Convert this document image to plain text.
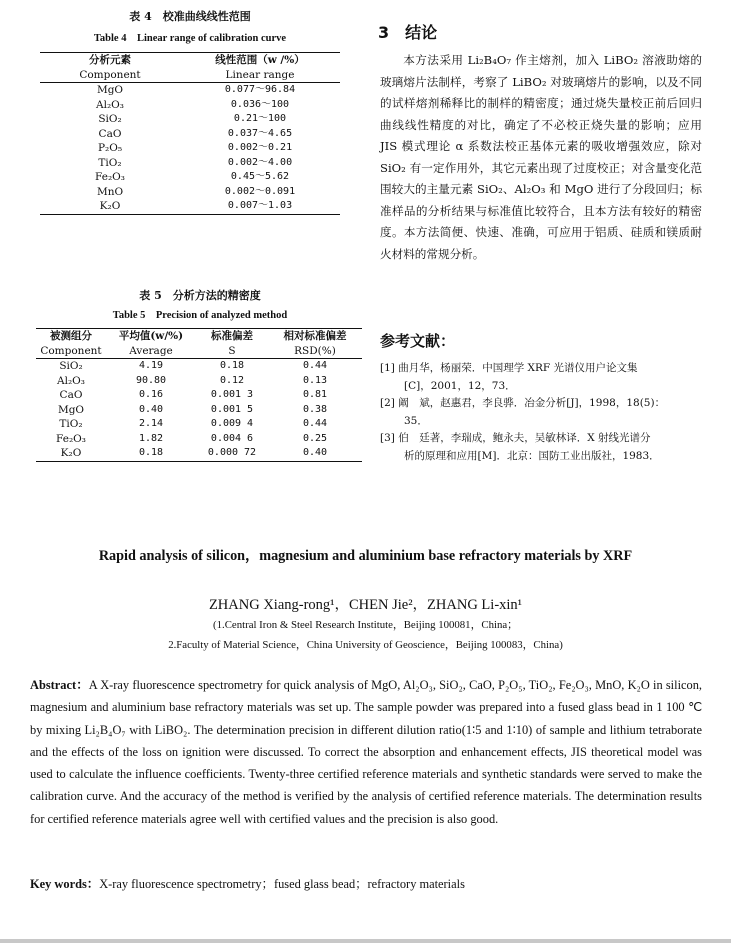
表 4　校准曲线线性范围
Table 4　Linear range of calibration curve
分析元素	线性范围（w /%）
Component	Linear range
MgO	0.077～96.84
Al₂O₃	0.036～100
SiO₂	0.21～100
CaO	0.037～4.65
P₂O₅	0.002～0.21
TiO₂	0.002～4.00
Fe₂O₃	0.45～5.62
MnO	0.002～0.091
K₂O	0.007～1.03
表 5　分析方法的精密度
Table 5　Precision of analyzed method
被测组分	平均值(w/%)	标准偏差	相对标准偏差
Component	Average	S	RSD(%)
SiO₂	4.19	0.18	0.44
Al₂O₃	90.80	0.12	0.13
CaO	0.16	0.001 3	0.81
MgO	0.40	0.001 5	0.38
TiO₂	2.14	0.009 4	0.44
Fe₂O₃	1.82	0.004 6	0.25
K₂O	0.18	0.000 72	0.40
3　结论

本方法采用 Li₂B₄O₇ 作主熔剂，加入 LiBO₂ 溶液助熔的玻璃熔片法制样，考察了 LiBO₂ 对玻璃熔片的影响，以及不同的试样熔剂稀释比的制样的精密度；通过烧失量校正前后回归曲线线性精度的对比，确定了不必校正烧失量的影响；应用 JIS 模式理论 α 系数法校正基体元素的吸收增强效应，除对 SiO₂ 有一定作用外，其它元素出现了过度校正；对含量变化范围较大的主量元素 SiO₂、Al₂O₃ 和 MgO 进行了分段回归；标准样品的分析结果与标准值比较符合，且本方法有较好的精密度。本方法简便、快速、准确，可应用于铝质、硅质和镁质耐火材料的常规分析。

参考文献：
[1] 曲月华，杨丽荣．中国理学 XRF 光谱仪用户论文集
[C]，2001，12，73．
[2] 阚　斌，赵惠君，李良骅．冶金分析[J]，1998，18(5)：
35．
[3] 伯　廷著，李瑞成，鲍永夫，吴敏林译．X 射线光谱分
析的原理和应用[M]．北京：国防工业出版社，1983．
Rapid analysis of silicon，magnesium and aluminium base refractory materials by XRF
ZHANG Xiang-rong¹，CHEN Jie²，ZHANG Li-xin¹
(1.Central Iron & Steel Research Institute，Beijing 100081，China；
2.Faculty of Material Science，China University of Geoscience，Beijing 100083，China)
Abstract：A X-ray fluorescence spectrometry for quick analysis of MgO, Al₂O₃, SiO₂, CaO, P₂O₅, TiO₂, Fe₂O₃, MnO, K₂O in silicon, magnesium and aluminium base refractory materials was set up. The sample powder was prepared into a fused glass bead in 1 100 ℃ by mixing Li₂B₄O₇ with LiBO₂. The determination precision in different dilution ratio(1∶5 and 1∶10) of sample and lithium tetraborate and the effects of the loss on ignition were discussed. To correct the absorption and enhancement effects, JIS theoretical model was used to calculate the influence coefficients. Twenty-three certified reference materials and synthetic standards were served to make the calibration curve. And the accuracy of the method is verified by the analysis of certified reference materials. The determination results for certified reference materials agree well with certified values and the precision is also good.
Key words：X-ray fluorescence spectrometry；fused glass bead；refractory materials
